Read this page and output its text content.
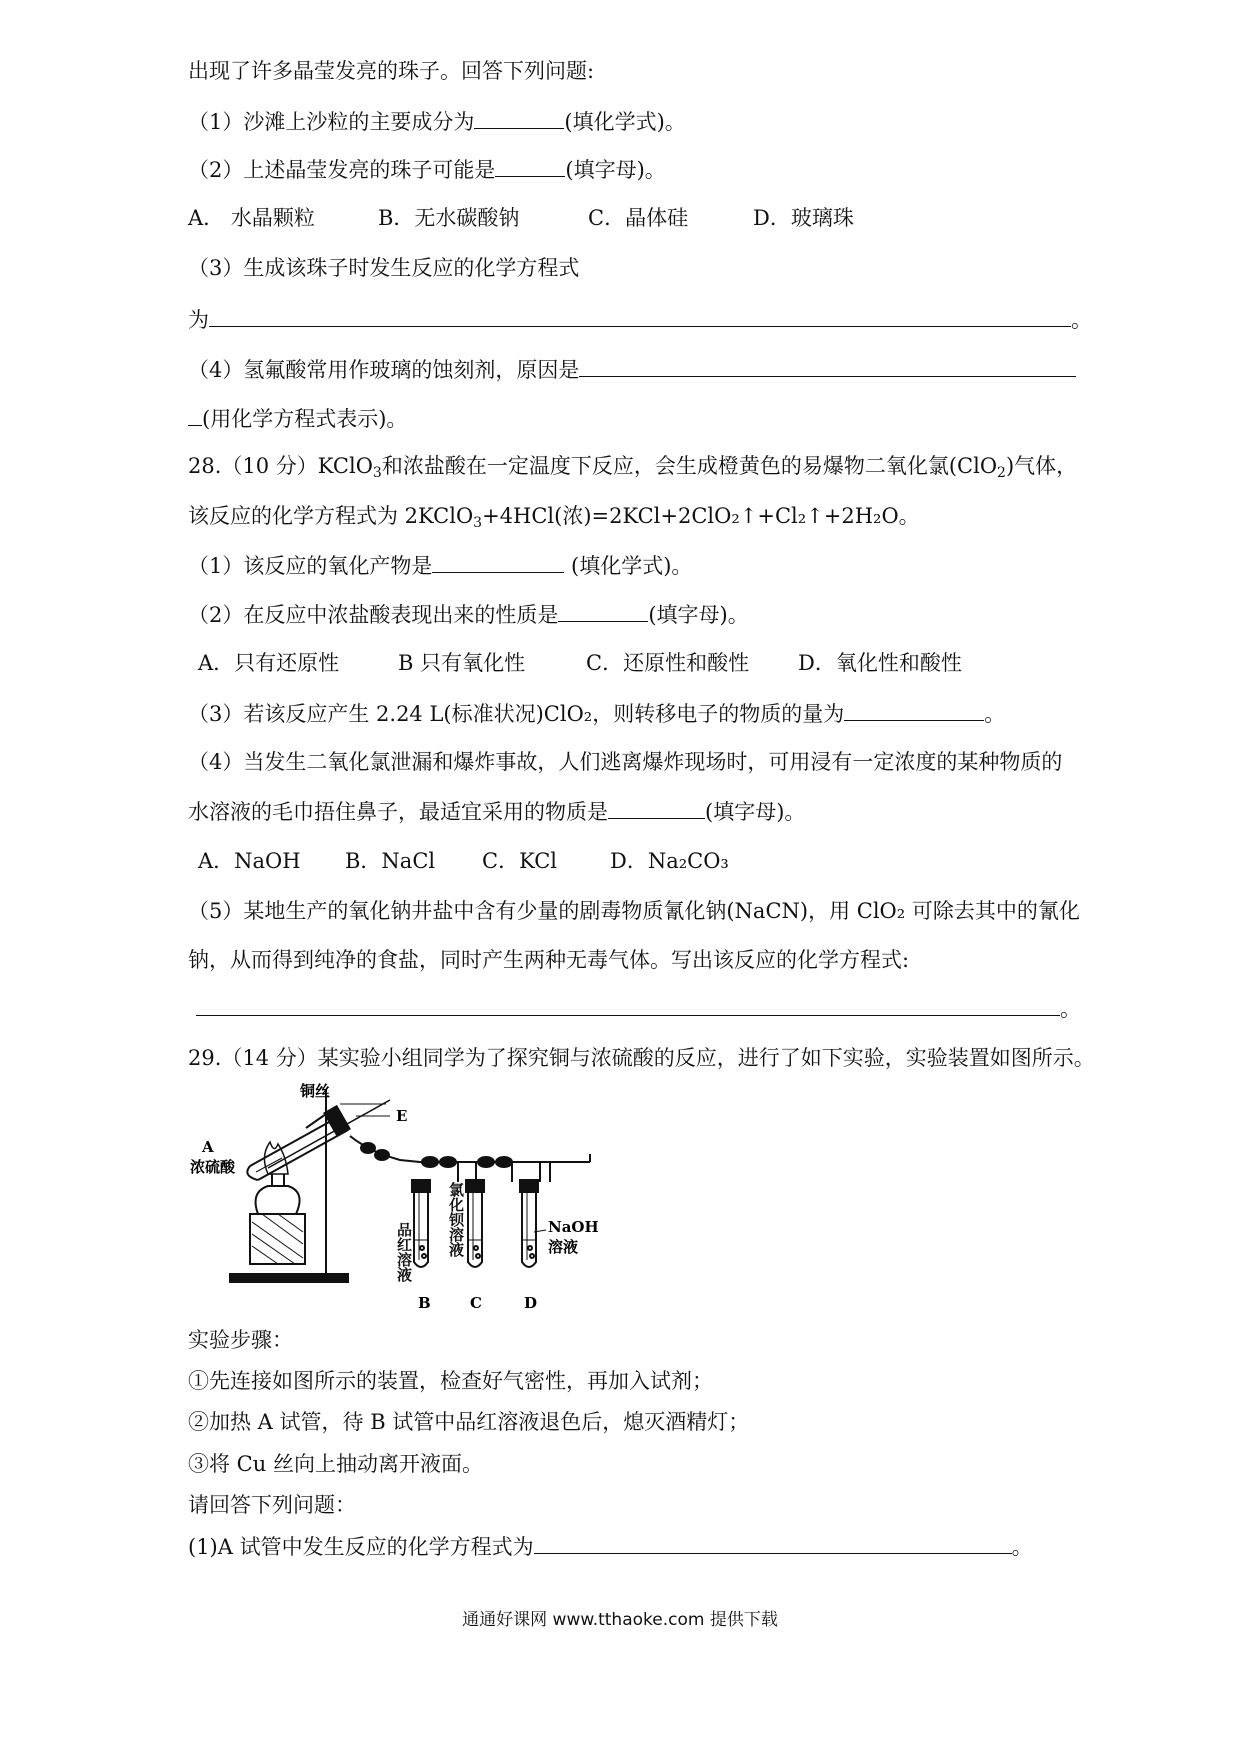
出现了许多晶莹发亮的珠子。回答下列问题:
（1）沙滩上沙粒的主要成分为	(填化学式)。
（2）上述晶莹发亮的珠子可能是	(填字母)。
A． 水晶颗粒	B．无水碳酸钠	C．晶体硅	D．玻璃珠
（3）生成该珠子时发生反应的化学方程式
为	。
（4）氢氟酸常用作玻璃的蚀刻剂，原因是
(用化学方程式表示)。
28.（10 分）KClO$_3$和浓盐酸在一定温度下反应，会生成橙黄色的易爆物二氧化氯(ClO$_2$)气体，
该反应的化学方程式为 2KClO$_3$+4HCl(浓)=2KCl+2ClO₂↑+Cl₂↑+2H₂O。
（1）该反应的氧化产物是	(填化学式)。
（2）在反应中浓盐酸表现出来的性质是	(填字母)。
A．只有还原性	B 只有氧化性	C．还原性和酸性 D．氧化性和酸性
（3）若该反应产生 2.24 L(标准状况)ClO₂，则转移电子的物质的量为	。
（4）当发生二氧化氯泄漏和爆炸事故，人们逃离爆炸现场时，可用浸有一定浓度的某种物质的
水溶液的毛巾捂住鼻子，最适宜采用的物质是	(填字母)。
A．NaOH B．NaCl C．KCl	D．Na₂CO₃
（5）某地生产的氧化钠井盐中含有少量的剧毒物质氰化钠(NaCN)，用 ClO₂ 可除去其中的氰化
钠，从而得到纯净的食盐，同时产生两种无毒气体。写出该反应的化学方程式:
。
29.（14 分）某实验小组同学为了探究铜与浓硫酸的反应，进行了如下实验，实验装置如图所示。
铜丝
E
A
浓硫酸
NaOH
溶液
B	C	D
品红溶液 氯化钡溶液
实验步骤：
①先连接如图所示的装置，检查好气密性，再加入试剂；
②加热 A 试管，待 B 试管中品红溶液退色后，熄灭酒精灯；
③将 Cu 丝向上抽动离开液面。
请回答下列问题：
(1)A 试管中发生反应的化学方程式为	。
通通好课网 www.tthaoke.com 提供下载
